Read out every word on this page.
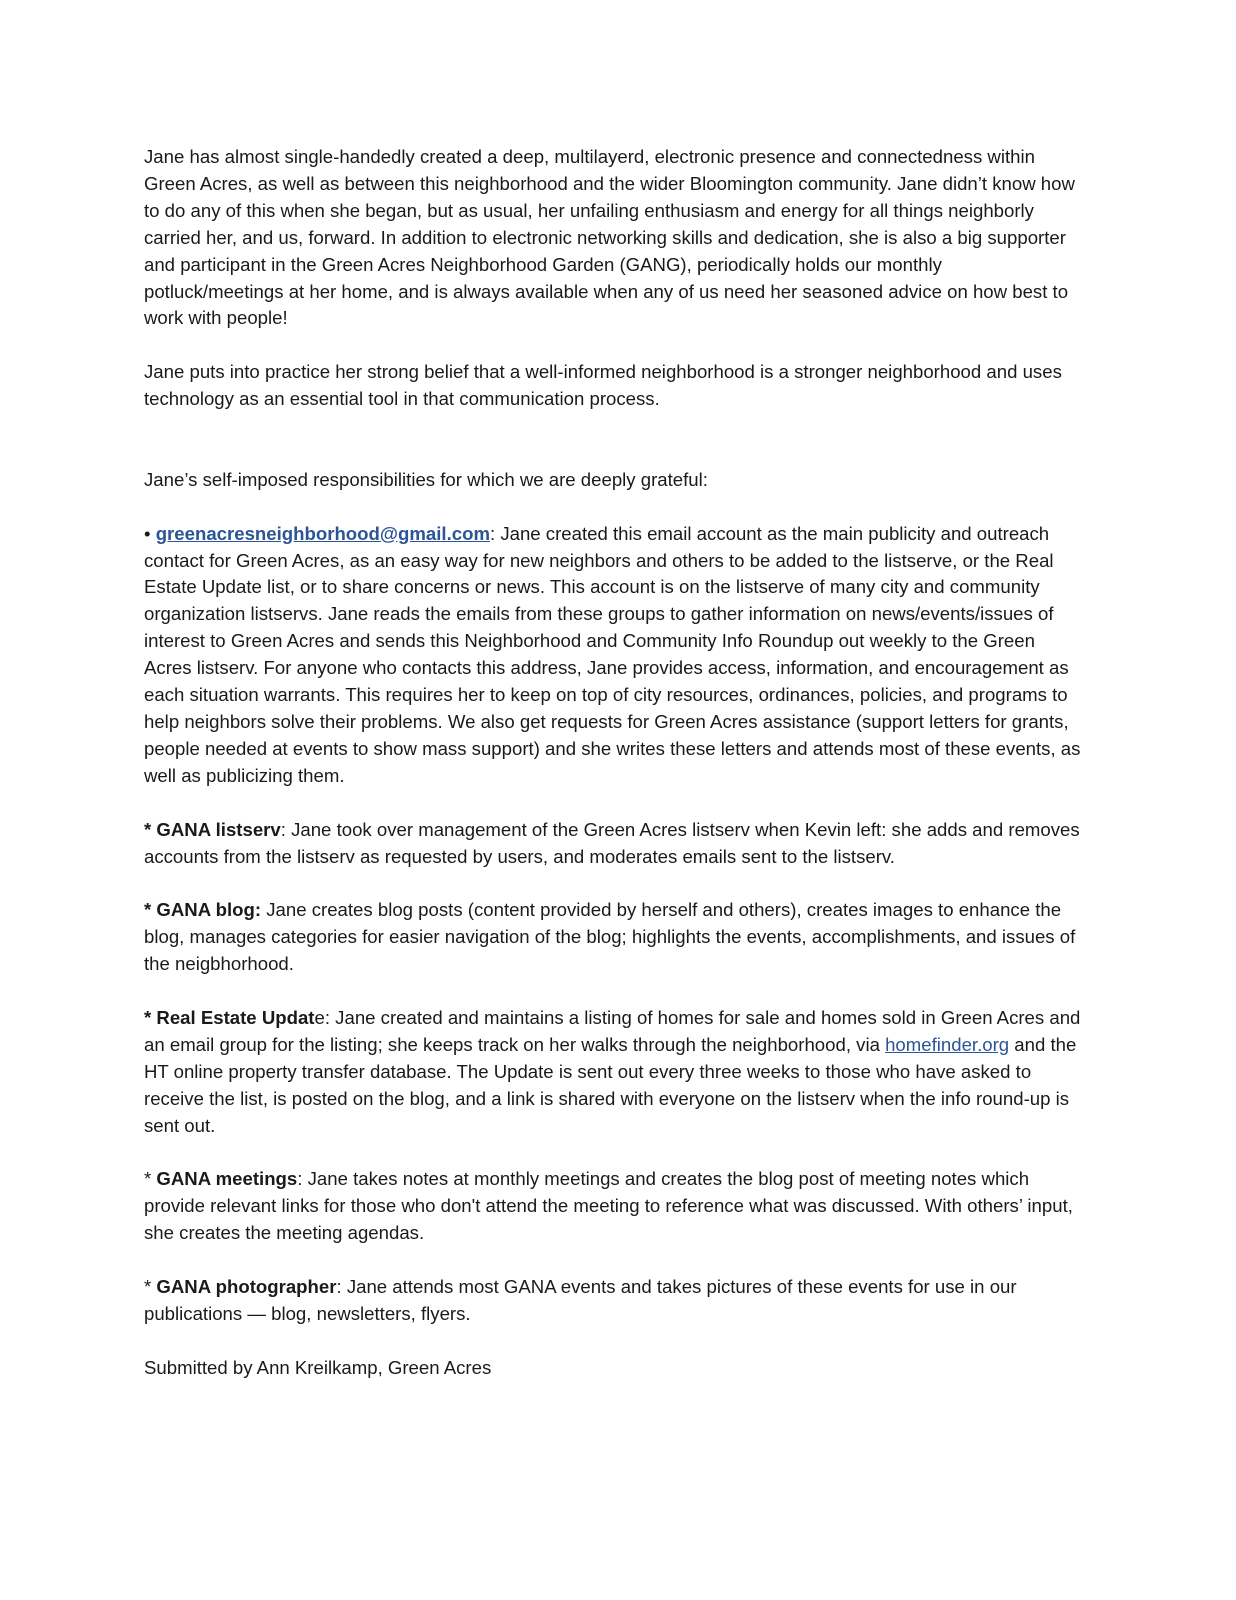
Jane has almost single-handedly created a deep, multilayerd, electronic presence and connectedness within Green Acres, as well as between this neighborhood and the wider Bloomington community. Jane didn’t know how to do any of this when she began, but as usual, her unfailing enthusiasm and energy for all things neighborly carried her, and us, forward. In addition to electronic networking skills and dedication, she is also a big supporter and participant in the Green Acres Neighborhood Garden (GANG), periodically holds our monthly potluck/meetings at her home, and is always available when any of us need her seasoned advice on how best to work with people!

Jane puts into practice her strong belief that a well-informed neighborhood is a stronger neighborhood and uses technology as an essential tool in that communication process.

Jane’s self-imposed responsibilities for which we are deeply grateful:

• greenacresneighborhood@gmail.com: Jane created this email account as the main publicity and outreach contact for Green Acres, as an easy way for new neighbors and others to be added to the listserve, or the Real Estate Update list, or to share concerns or news. This account is on the listserve of many city and community organization listservs. Jane reads the emails from these groups to gather information on news/events/issues of interest to Green Acres and sends this Neighborhood and Community Info Roundup out weekly to the Green Acres listserv. For anyone who contacts this address, Jane provides access, information, and encouragement as each situation warrants. This requires her to keep on top of city resources, ordinances, policies, and programs to help neighbors solve their problems. We also get requests for Green Acres assistance (support letters for grants, people needed at events to show mass support) and she writes these letters and attends most of these events, as well as publicizing them.

* GANA listserv: Jane took over management of the Green Acres listserv when Kevin left: she adds and removes accounts from the listserv as requested by users, and moderates emails sent to the listserv.

* GANA blog: Jane creates blog posts (content provided by herself and others), creates images to enhance the blog, manages categories for easier navigation of the blog; highlights the events, accomplishments, and issues of the neigbhorhood.

* Real Estate Update: Jane created and maintains a listing of homes for sale and homes sold in Green Acres and an email group for the listing; she keeps track on her walks through the neighborhood, via homefinder.org and the HT online property transfer database. The Update is sent out every three weeks to those who have asked to receive the list, is posted on the blog, and a link is shared with everyone on the listserv when the info round-up is sent out.

* GANA meetings: Jane takes notes at monthly meetings and creates the blog post of meeting notes which provide relevant links for those who don't attend the meeting to reference what was discussed. With others’ input, she creates the meeting agendas.

* GANA photographer: Jane attends most GANA events and takes pictures of these events for use in our publications — blog, newsletters, flyers.

Submitted by Ann Kreilkamp, Green Acres
